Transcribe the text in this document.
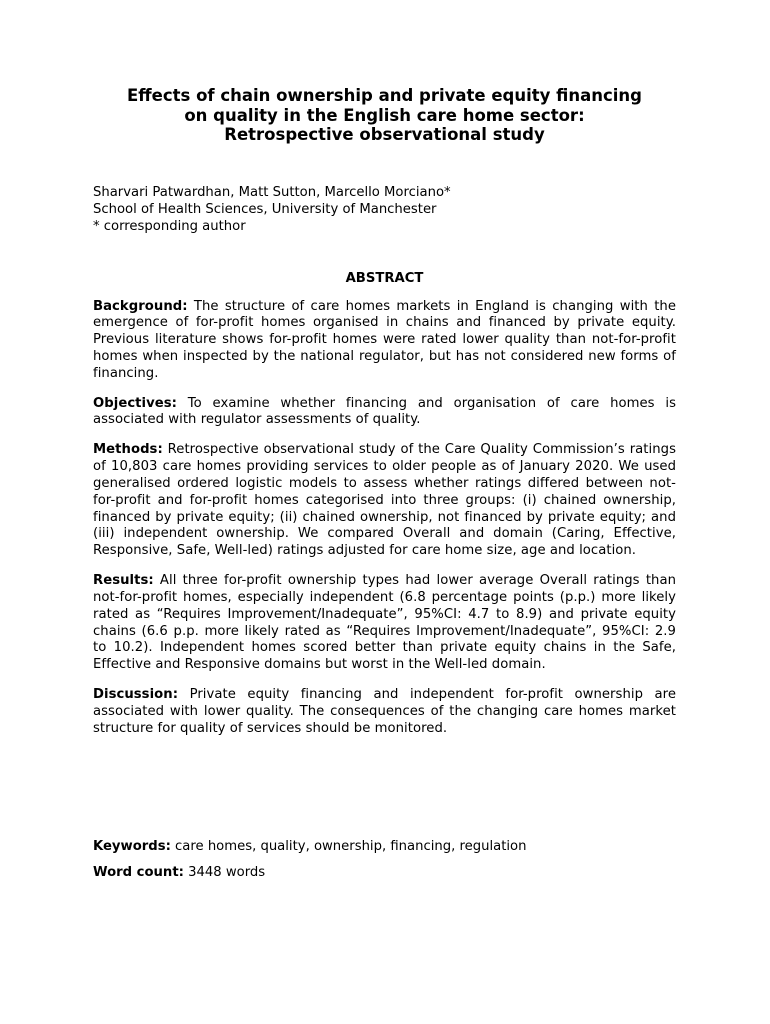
Effects of chain ownership and private equity financing
on quality in the English care home sector:
Retrospective observational study
Sharvari Patwardhan, Matt Sutton, Marcello Morciano*
School of Health Sciences, University of Manchester
* corresponding author
ABSTRACT

Background: The structure of care homes markets in England is changing with the emergence of for-profit homes organised in chains and financed by private equity. Previous literature shows for-profit homes were rated lower quality than not-for-profit homes when inspected by the national regulator, but has not considered new forms of financing.

Objectives: To examine whether financing and organisation of care homes is associated with regulator assessments of quality.

Methods: Retrospective observational study of the Care Quality Commission’s ratings of 10,803 care homes providing services to older people as of January 2020. We used generalised ordered logistic models to assess whether ratings differed between not-for-profit and for-profit homes categorised into three groups: (i) chained ownership, financed by private equity; (ii) chained ownership, not financed by private equity; and (iii) independent ownership. We compared Overall and domain (Caring, Effective, Responsive, Safe, Well-led) ratings adjusted for care home size, age and location.

Results: All three for-profit ownership types had lower average Overall ratings than not-for-profit homes, especially independent (6.8 percentage points (p.p.) more likely rated as “Requires Improvement/Inadequate”, 95%CI: 4.7 to 8.9) and private equity chains (6.6 p.p. more likely rated as “Requires Improvement/Inadequate”, 95%CI: 2.9 to 10.2). Independent homes scored better than private equity chains in the Safe, Effective and Responsive domains but worst in the Well-led domain.

Discussion: Private equity financing and independent for-profit ownership are associated with lower quality. The consequences of the changing care homes market structure for quality of services should be monitored.

Keywords: care homes, quality, ownership, financing, regulation
Word count: 3448 words
